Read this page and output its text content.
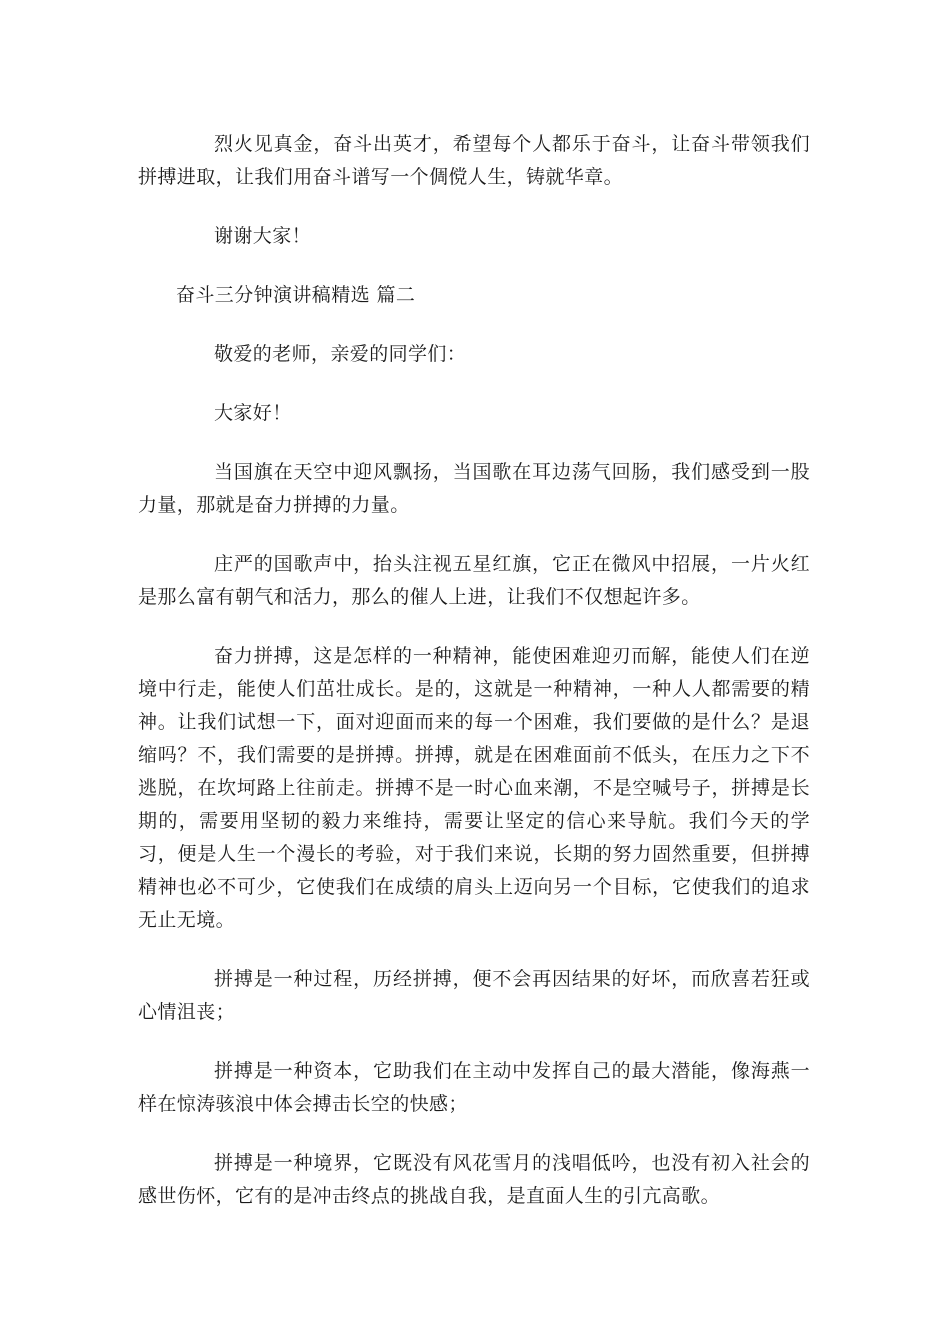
烈火见真金，奋斗出英才，希望每个人都乐于奋斗，让奋斗带领我们拼搏进取，让我们用奋斗谱写一个倜傥人生，铸就华章。

谢谢大家！

奋斗三分钟演讲稿精选 篇二

敬爱的老师，亲爱的同学们：

大家好！

当国旗在天空中迎风飘扬，当国歌在耳边荡气回肠，我们感受到一股力量，那就是奋力拼搏的力量。

庄严的国歌声中，抬头注视五星红旗，它正在微风中招展，一片火红是那么富有朝气和活力，那么的催人上进，让我们不仅想起许多。

奋力拼搏，这是怎样的一种精神，能使困难迎刃而解，能使人们在逆境中行走，能使人们茁壮成长。是的，这就是一种精神，一种人人都需要的精神。让我们试想一下，面对迎面而来的每一个困难，我们要做的是什么？是退缩吗？不，我们需要的是拼搏。拼搏，就是在困难面前不低头，在压力之下不逃脱，在坎坷路上往前走。拼搏不是一时心血来潮，不是空喊号子，拼搏是长期的，需要用坚韧的毅力来维持，需要让坚定的信心来导航。我们今天的学习，便是人生一个漫长的考验，对于我们来说，长期的努力固然重要，但拼搏精神也必不可少，它使我们在成绩的肩头上迈向另一个目标，它使我们的追求无止无境。

拼搏是一种过程，历经拼搏，便不会再因结果的好坏，而欣喜若狂或心情沮丧；

拼搏是一种资本，它助我们在主动中发挥自己的最大潜能，像海燕一样在惊涛骇浪中体会搏击长空的快感；

拼搏是一种境界，它既没有风花雪月的浅唱低吟，也没有初入社会的感世伤怀，它有的是冲击终点的挑战自我，是直面人生的引亢高歌。
